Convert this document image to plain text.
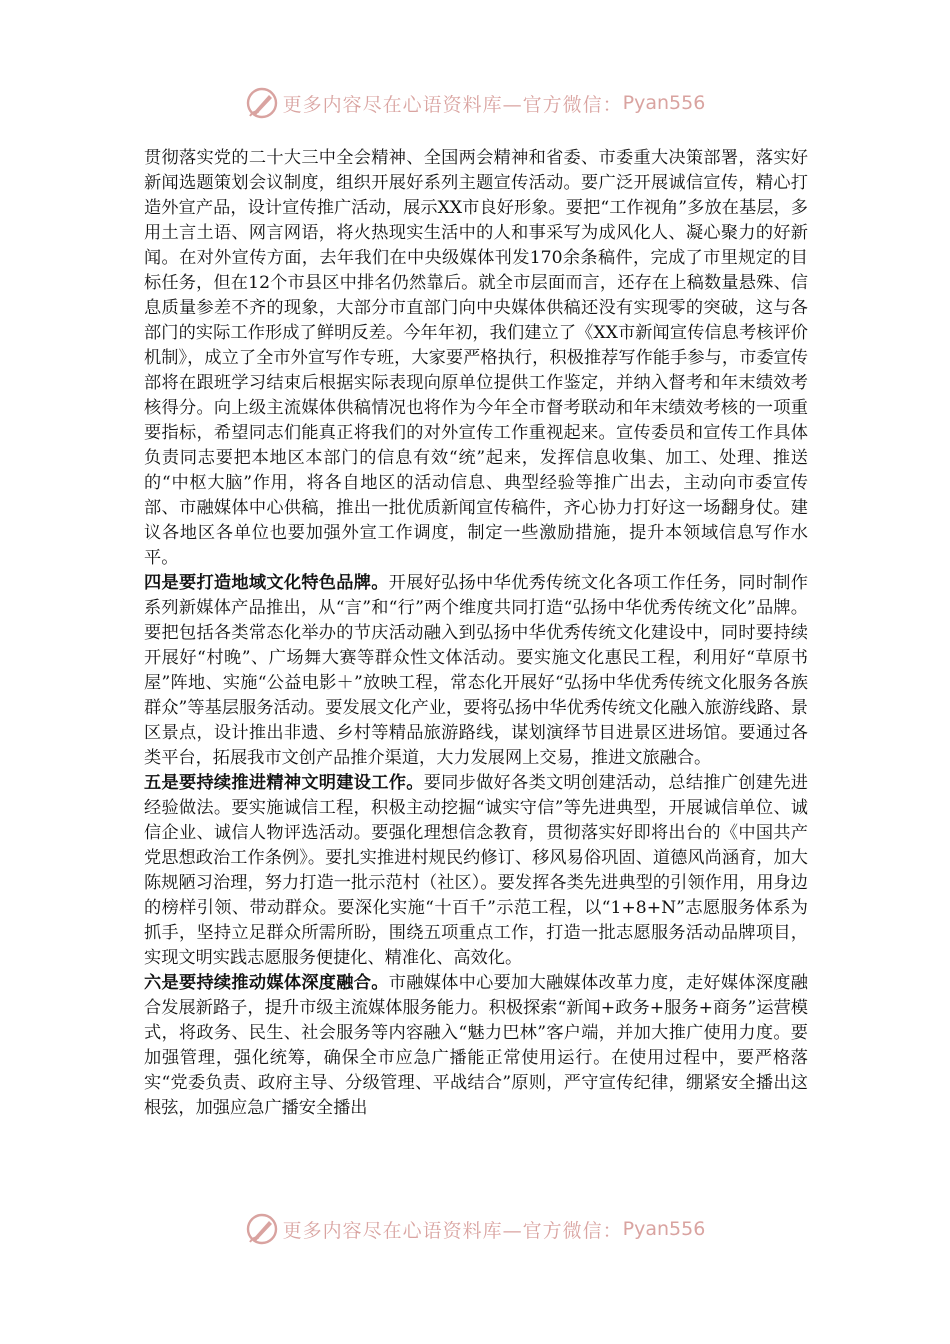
更多内容尽在心语资料库—官方微信： Pyan556

贯彻落实党的二十大三中全会精神、全国两会精神和省委、市委重大决策部署，落实好新闻选题策划会议制度，组织开展好系列主题宣传活动。要广泛开展诚信宣传，精心打造外宣产品，设计宣传推广活动，展示XX市良好形象。要把“工作视角”多放在基层，多用土言土语、网言网语，将火热现实生活中的人和事采写为成风化人、凝心聚力的好新闻。在对外宣传方面，去年我们在中央级媒体刊发170余条稿件，完成了市里规定的目标任务，但在12个市县区中排名仍然靠后。就全市层面而言，还存在上稿数量悬殊、信息质量参差不齐的现象，大部分市直部门向中央媒体供稿还没有实现零的突破，这与各部门的实际工作形成了鲜明反差。今年年初，我们建立了《XX市新闻宣传信息考核评价机制》，成立了全市外宣写作专班，大家要严格执行，积极推荐写作能手参与，市委宣传部将在跟班学习结束后根据实际表现向原单位提供工作鉴定，并纳入督考和年末绩效考核得分。向上级主流媒体供稿情况也将作为今年全市督考联动和年末绩效考核的一项重要指标，希望同志们能真正将我们的对外宣传工作重视起来。宣传委员和宣传工作具体负责同志要把本地区本部门的信息有效“统”起来，发挥信息收集、加工、处理、推送的“中枢大脑”作用，将各自地区的活动信息、典型经验等推广出去，主动向市委宣传部、市融媒体中心供稿，推出一批优质新闻宣传稿件，齐心协力打好这一场翻身仗。建议各地区各单位也要加强外宣工作调度，制定一些激励措施，提升本领域信息写作水平。

四是要打造地域文化特色品牌。开展好弘扬中华优秀传统文化各项工作任务，同时制作系列新媒体产品推出，从“言”和“行”两个维度共同打造“弘扬中华优秀传统文化”品牌。要把包括各类常态化举办的节庆活动融入到弘扬中华优秀传统文化建设中，同时要持续开展好“村晚”、广场舞大赛等群众性文体活动。要实施文化惠民工程，利用好“草原书屋”阵地、实施“公益电影＋”放映工程，常态化开展好“弘扬中华优秀传统文化服务各族群众”等基层服务活动。要发展文化产业，要将弘扬中华优秀传统文化融入旅游线路、景区景点，设计推出非遗、乡村等精品旅游路线，谋划演绎节目进景区进场馆。要通过各类平台，拓展我市文创产品推介渠道，大力发展网上交易，推进文旅融合。

五是要持续推进精神文明建设工作。要同步做好各类文明创建活动，总结推广创建先进经验做法。要实施诚信工程，积极主动挖掘“诚实守信”等先进典型，开展诚信单位、诚信企业、诚信人物评选活动。要强化理想信念教育，贯彻落实好即将出台的《中国共产党思想政治工作条例》。要扎实推进村规民约修订、移风易俗巩固、道德风尚涵育，加大陈规陋习治理，努力打造一批示范村（社区）。要发挥各类先进典型的引领作用，用身边的榜样引领、带动群众。要深化实施“十百千”示范工程，以“1+8+N”志愿服务体系为抓手，坚持立足群众所需所盼，围绕五项重点工作，打造一批志愿服务活动品牌项目，实现文明实践志愿服务便捷化、精准化、高效化。

六是要持续推动媒体深度融合。市融媒体中心要加大融媒体改革力度，走好媒体深度融合发展新路子，提升市级主流媒体服务能力。积极探索“新闻+政务+服务+商务”运营模式，将政务、民生、社会服务等内容融入“魅力巴林”客户端，并加大推广使用力度。要加强管理，强化统筹，确保全市应急广播能正常使用运行。在使用过程中，要严格落实“党委负责、政府主导、分级管理、平战结合”原则，严守宣传纪律，绷紧安全播出这根弦，加强应急广播安全播出

更多内容尽在心语资料库—官方微信： Pyan556
